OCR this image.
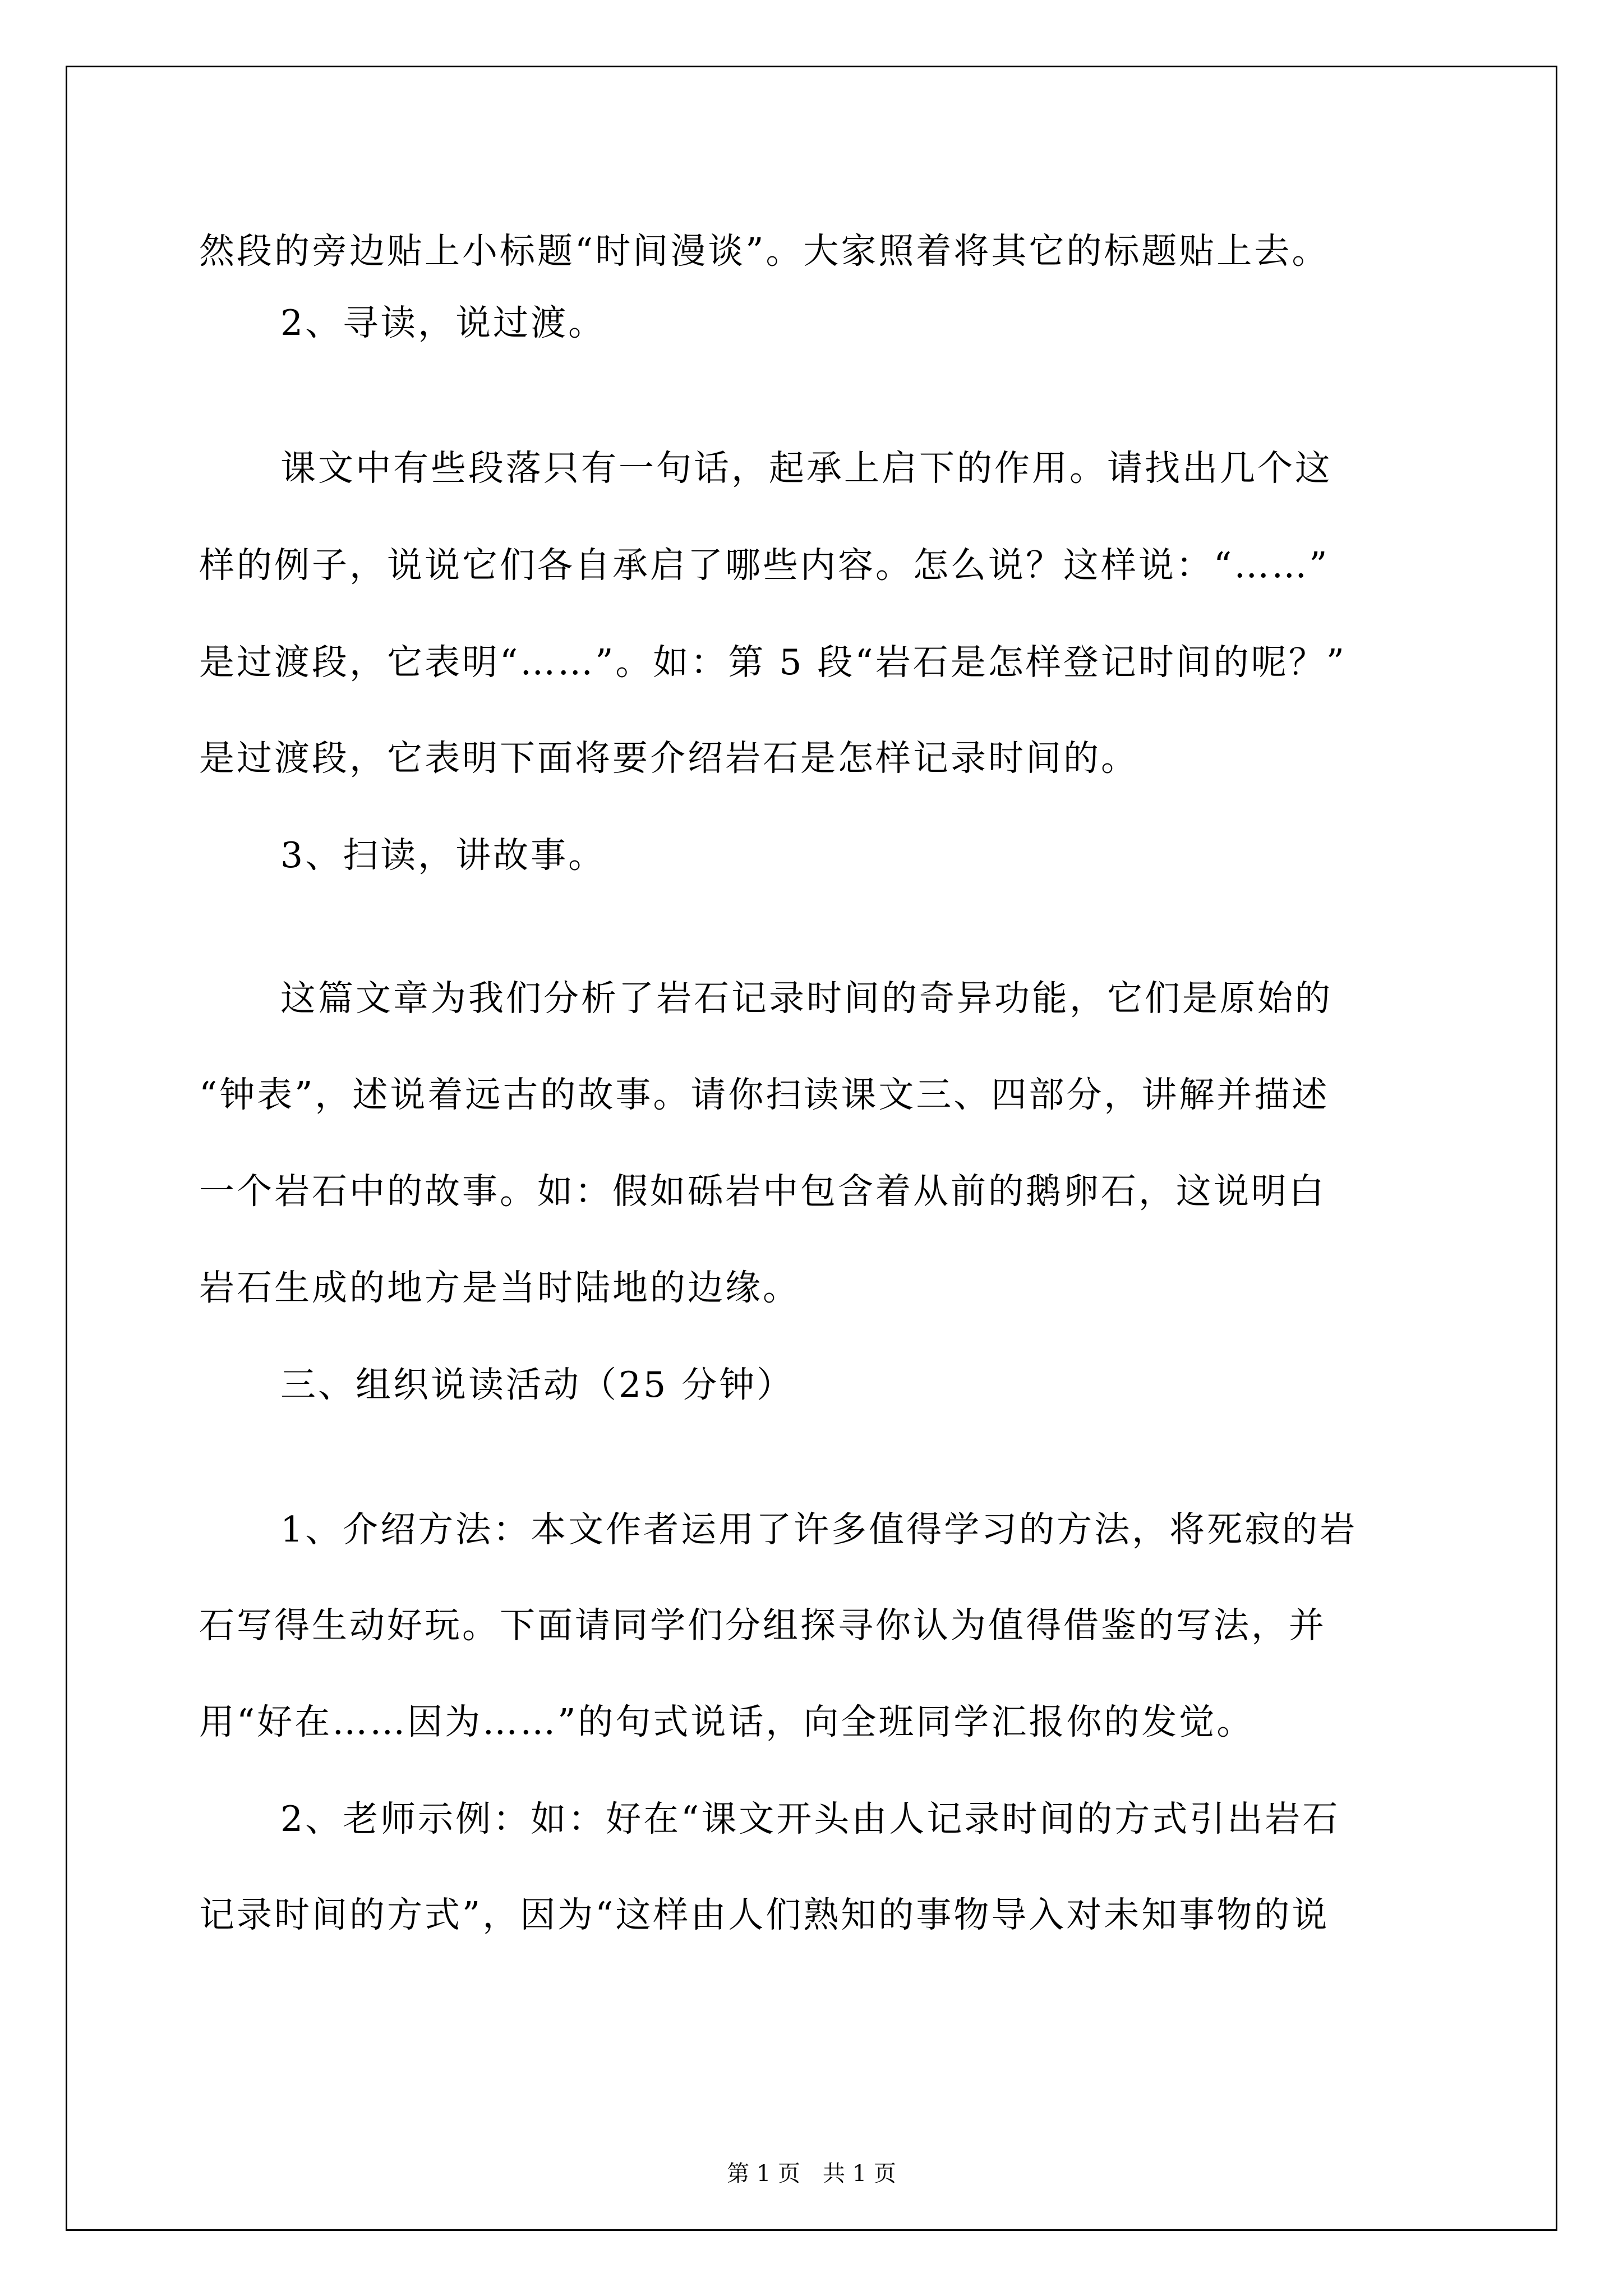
然段的旁边贴上小标题“时间漫谈”。大家照着将其它的标题贴上去。
2、寻读，说过渡。
课文中有些段落只有一句话，起承上启下的作用。请找出几个这
样的例子，说说它们各自承启了哪些内容。怎么说？这样说：“……”
是过渡段，它表明“……”。如：第 5 段“岩石是怎样登记时间的呢？”
是过渡段，它表明下面将要介绍岩石是怎样记录时间的。
3、扫读，讲故事。
这篇文章为我们分析了岩石记录时间的奇异功能，它们是原始的
“钟表”，述说着远古的故事。请你扫读课文三、四部分，讲解并描述
一个岩石中的故事。如：假如砾岩中包含着从前的鹅卵石，这说明白
岩石生成的地方是当时陆地的边缘。
三、组织说读活动（25 分钟）
1、介绍方法：本文作者运用了许多值得学习的方法，将死寂的岩
石写得生动好玩。下面请同学们分组探寻你认为值得借鉴的写法，并
用“好在……因为……”的句式说话，向全班同学汇报你的发觉。
2、老师示例：如：好在“课文开头由人记录时间的方式引出岩石
记录时间的方式”，因为“这样由人们熟知的事物导入对未知事物的说
第 1 页　共 1 页
